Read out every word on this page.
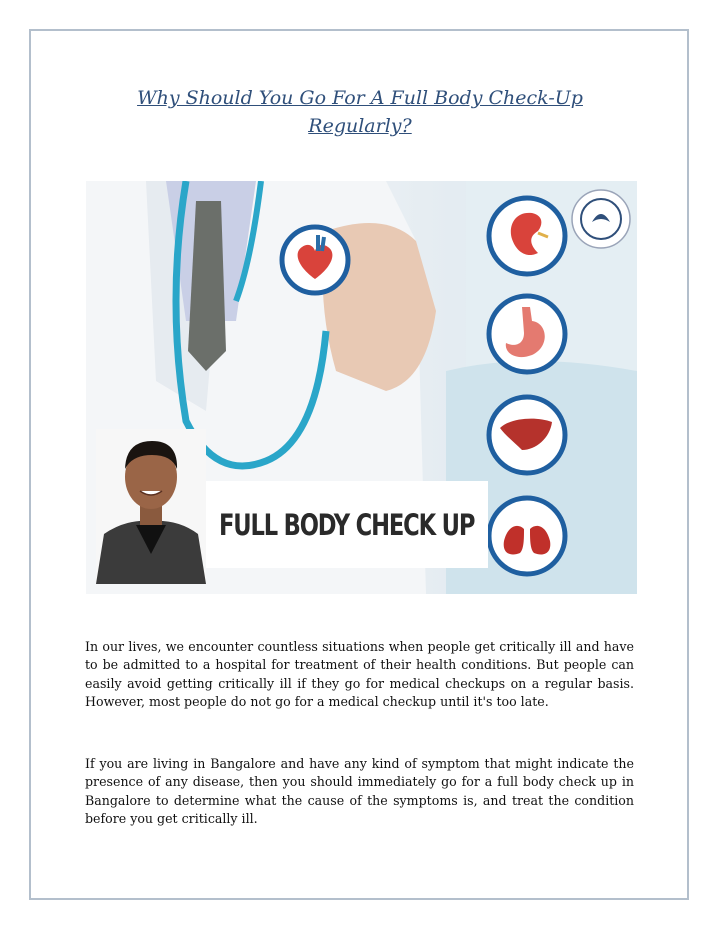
Why Should You Go For A Full Body Check-Up Regularly?
FULL BODY CHECK UP

In our lives, we encounter countless situations when people get critically ill and have to be admitted to a hospital for treatment of their health conditions. But people can easily avoid getting critically ill if they go for medical checkups on a regular basis. However, most people do not go for a medical checkup until it's too late.

If you are living in Bangalore and have any kind of symptom that might indicate the presence of any disease, then you should immediately go for a full body check up in Bangalore to determine what the cause of the symptoms is, and treat the condition before you get critically ill.
